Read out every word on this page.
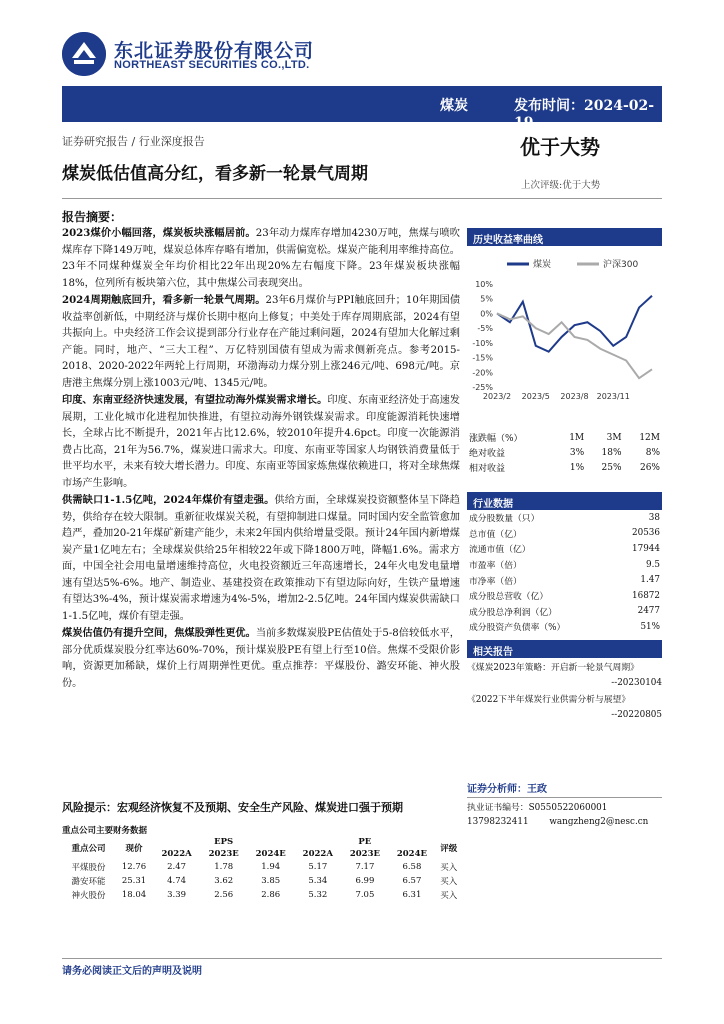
东北证券股份有限公司
NORTHEAST SECURITIES CO.,LTD.
煤炭	发布时间：2024-02-19
证券研究报告 / 行业深度报告	优于大势
煤炭低估值高分红，看多新一轮景气周期
上次评级:优于大势
报告摘要：

2023煤价小幅回落，煤炭板块涨幅居前。23年动力煤库存增加4230万吨，焦煤与喷吹煤库存下降149万吨，煤炭总体库存略有增加，供需偏宽松。煤炭产能利用率维持高位。23年不同煤种煤炭全年均价相比22年出现20%左右幅度下降。23年煤炭板块涨幅18%，位列所有板块第六位，其中焦煤公司表现突出。

2024周期触底回升，看多新一轮景气周期。23年6月煤价与PPI触底回升；10年期国债收益率创新低，中期经济与煤价长期中枢向上修复；中美处于库存周期底部，2024有望共振向上。中央经济工作会议提到部分行业存在产能过剩问题，2024有望加大化解过剩产能。同时，地产、“三大工程”、万亿特别国债有望成为需求侧新亮点。参考2015-2018、2020-2022年两轮上行周期，环渤海动力煤分别上涨246元/吨、698元/吨。京唐港主焦煤分别上涨1003元/吨、1345元/吨。

印度、东南亚经济快速发展，有望拉动海外煤炭需求增长。印度、东南亚经济处于高速发展期，工业化城市化进程加快推进，有望拉动海外钢铁煤炭需求。印度能源消耗快速增长，全球占比不断提升，2021年占比12.6%，较2010年提升4.6pct。印度一次能源消费占比高，21年为56.7%，煤炭进口需求大。印度、东南亚等国家人均钢铁消费量低于世平均水平，未来有较大增长潜力。印度、东南亚等国家炼焦煤依赖进口，将对全球焦煤市场产生影响。

供需缺口1-1.5亿吨，2024年煤价有望走强。供给方面，全球煤炭投资额整体呈下降趋势，供给存在较大限制。重新征收煤炭关税，有望抑制进口煤量。同时国内安全监管愈加趋严，叠加20-21年煤矿新建产能少，未来2年国内供给增量受限。预计24年国内新增煤炭产量1亿吨左右；全球煤炭供给25年相较22年或下降1800万吨，降幅1.6%。需求方面，中国全社会用电量增速维持高位，火电投资额近三年高速增长，24年火电发电量增速有望达5%-6%。地产、制造业、基建投资在政策推动下有望边际向好，生铁产量增速有望达3%-4%，预计煤炭需求增速为4%-5%，增加2-2.5亿吨。24年国内煤炭供需缺口1-1.5亿吨，煤价有望走强。

煤炭估值仍有提升空间，焦煤股弹性更优。当前多数煤炭股PE估值处于5-8倍较低水平，部分优质煤炭股分红率达60%-70%，预计煤炭股PE有望上行至10倍。焦煤不受限价影响，资源更加稀缺，煤价上行周期弹性更优。重点推荐：平煤股份、潞安环能、神火股份。

历史收益率曲线
煤炭	沪深300
10%
5%
0%
-5%
-10%
-15%
-20%
-25%
2023/2 2023/5 2023/8 2023/11
涨跌幅（%）	1M	3M	12M
绝对收益	3%	18%	8%
相对收益	1%	25%	26%
行业数据
成分股数量（只）	38
总市值（亿）	20536
流通市值（亿）	17944
市盈率（倍）	9.5
市净率（倍）	1.47
成分股总营收（亿）	16872
成分股总净利润（亿）	2477
成分股资产负债率（%）	51%
相关报告
《煤炭2023年策略：开启新一轮景气周期》
--20230104
《2022下半年煤炭行业供需分析与展望》
--20220805
证券分析师：王政
执业证书编号：S0550522060001
13798232411 wangzheng2@nesc.cn
风险提示：宏观经济恢复不及预期、安全生产风险、煤炭进口强于预期
重点公司主要财务数据
重点公司	现价	EPS			PE			评级
		2022A	2023E	2024E	2022A	2023E	2024E	
平煤股份	12.76	2.47	1.78	1.94	5.17	7.17	6.58	买入
潞安环能	25.31	4.74	3.62	3.85	5.34	6.99	6.57	买入
神火股份	18.04	3.39	2.56	2.86	5.32	7.05	6.31	买入
请务必阅读正文后的声明及说明
